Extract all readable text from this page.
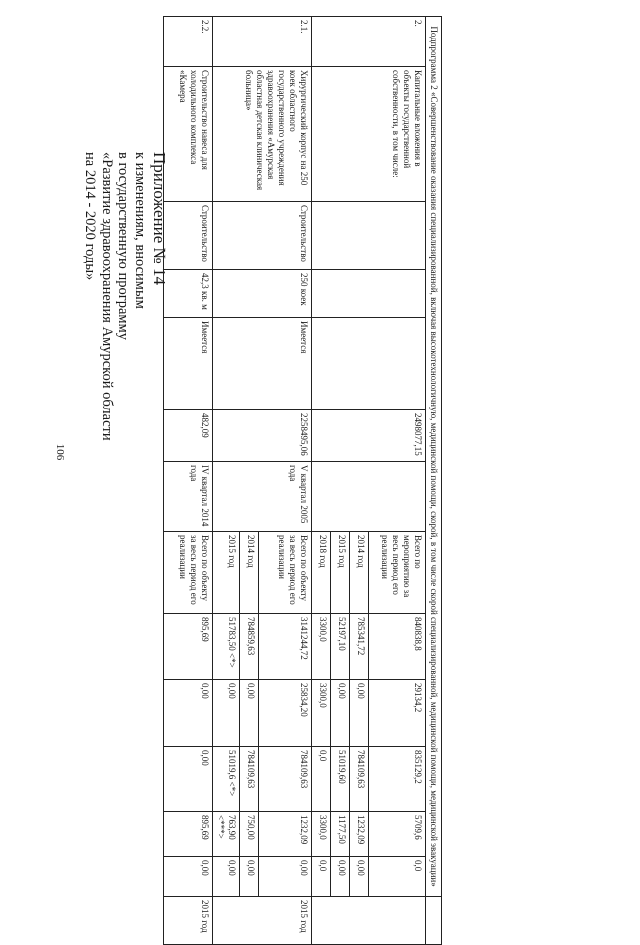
106
Приложение № 14
к изменениям, вносимым
в государственную программу
«Развитие здравоохранения Амурской области
на 2014 - 2020 годы»	Подпрограмма 2 «Совершенствование оказания специализированной, включая высокотехнологичную, медицинской помощи, скорой, в том числе скорой специализированной, медицинской помощи, медицинской эвакуации»													
2.	Капитальные вложения в объекты государственной собственности, в том числе:				2498077,15		Всего по мероприятию за весь период его реализации	840838,8	29134,2	835129,2	5709,6	0,0	
							2014 год	785341,72	0,00	784109,63	1232,09	0,00	
							2015 год	52197,10	0,00	51019,60	1177,50	0,00	
							2018 год	3300,0	3300,0	0,0	3300,0	0,0	
2.1.	Хирургический корпус на 250 коек областного государственного учреждения здравоохранения «Амурская областная детская клиническая больница»	Строительство	250 коек	Имеется	2258495,06	V квартал 2005 года	Всего по объекту за весь период его реализации	3141244,72	25834,20	784109,63	1232,09	0,00	2015 год
							2014 год	784859,63	0,00	784109,63	750,00	0,00	
							2015 год	51783,50 <*>	0,00	51019,6 <*>	763,90 <***>	0,00	
2.2.	Строительство навеса для холодильного комплекса «Камера	Строительство	42,3 кв. м	Имеется	482,09	IV квартал 2014 года	Всего по объекту за весь период его реализации	895,69	0,00	0,00	895,69	0,00	2015 год
